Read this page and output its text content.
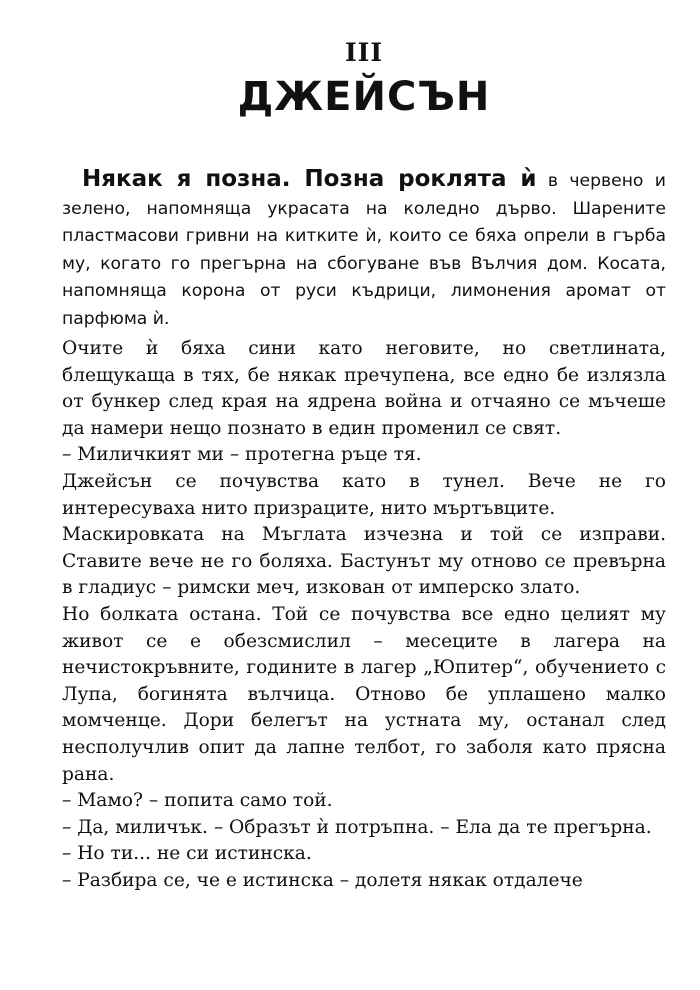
III
ДЖЕЙСЪН

Някак я позна. Позна роклята ѝ в червено и зелено, напомняща украсата на коледно дърво. Шарените пластмасови гривни на китките ѝ, които се бяха опрели в гърба му, когато го прегърна на сбогуване във Вълчия дом. Косата, напомняща корона от руси къдрици, лимонения аромат от парфюма ѝ.

Очите ѝ бяха сини като неговите, но светлината, блещукаща в тях, бе някак пречупена, все едно бе излязла от бункер след края на ядрена война и отчаяно се мъчеше да намери нещо познато в един променил се свят.

– Миличкият ми – протегна ръце тя.

Джейсън се почувства като в тунел. Вече не го интересуваха нито призраците, нито мъртъвците.

Маскировката на Мъглата изчезна и той се изправи. Ставите вече не го боляха. Бастунът му отново се превърна в гладиус – римски меч, изкован от имперско злато.

Но болката остана. Той се почувства все едно целият му живот се е обезсмислил – месеците в лагера на нечистокръвните, годините в лагер „Юпитер“, обучението с Лупа, богинята вълчица. Отново бе уплашено малко момченце. Дори белегът на устната му, останал след несполучлив опит да лапне телбот, го заболя като прясна рана.

– Мамо? – попита само той.

– Да, миличък. – Образът ѝ потръпна. – Ела да те прегърна.

– Но ти... не си истинска.

– Разбира се, че е истинска – долетя някак отдалече
